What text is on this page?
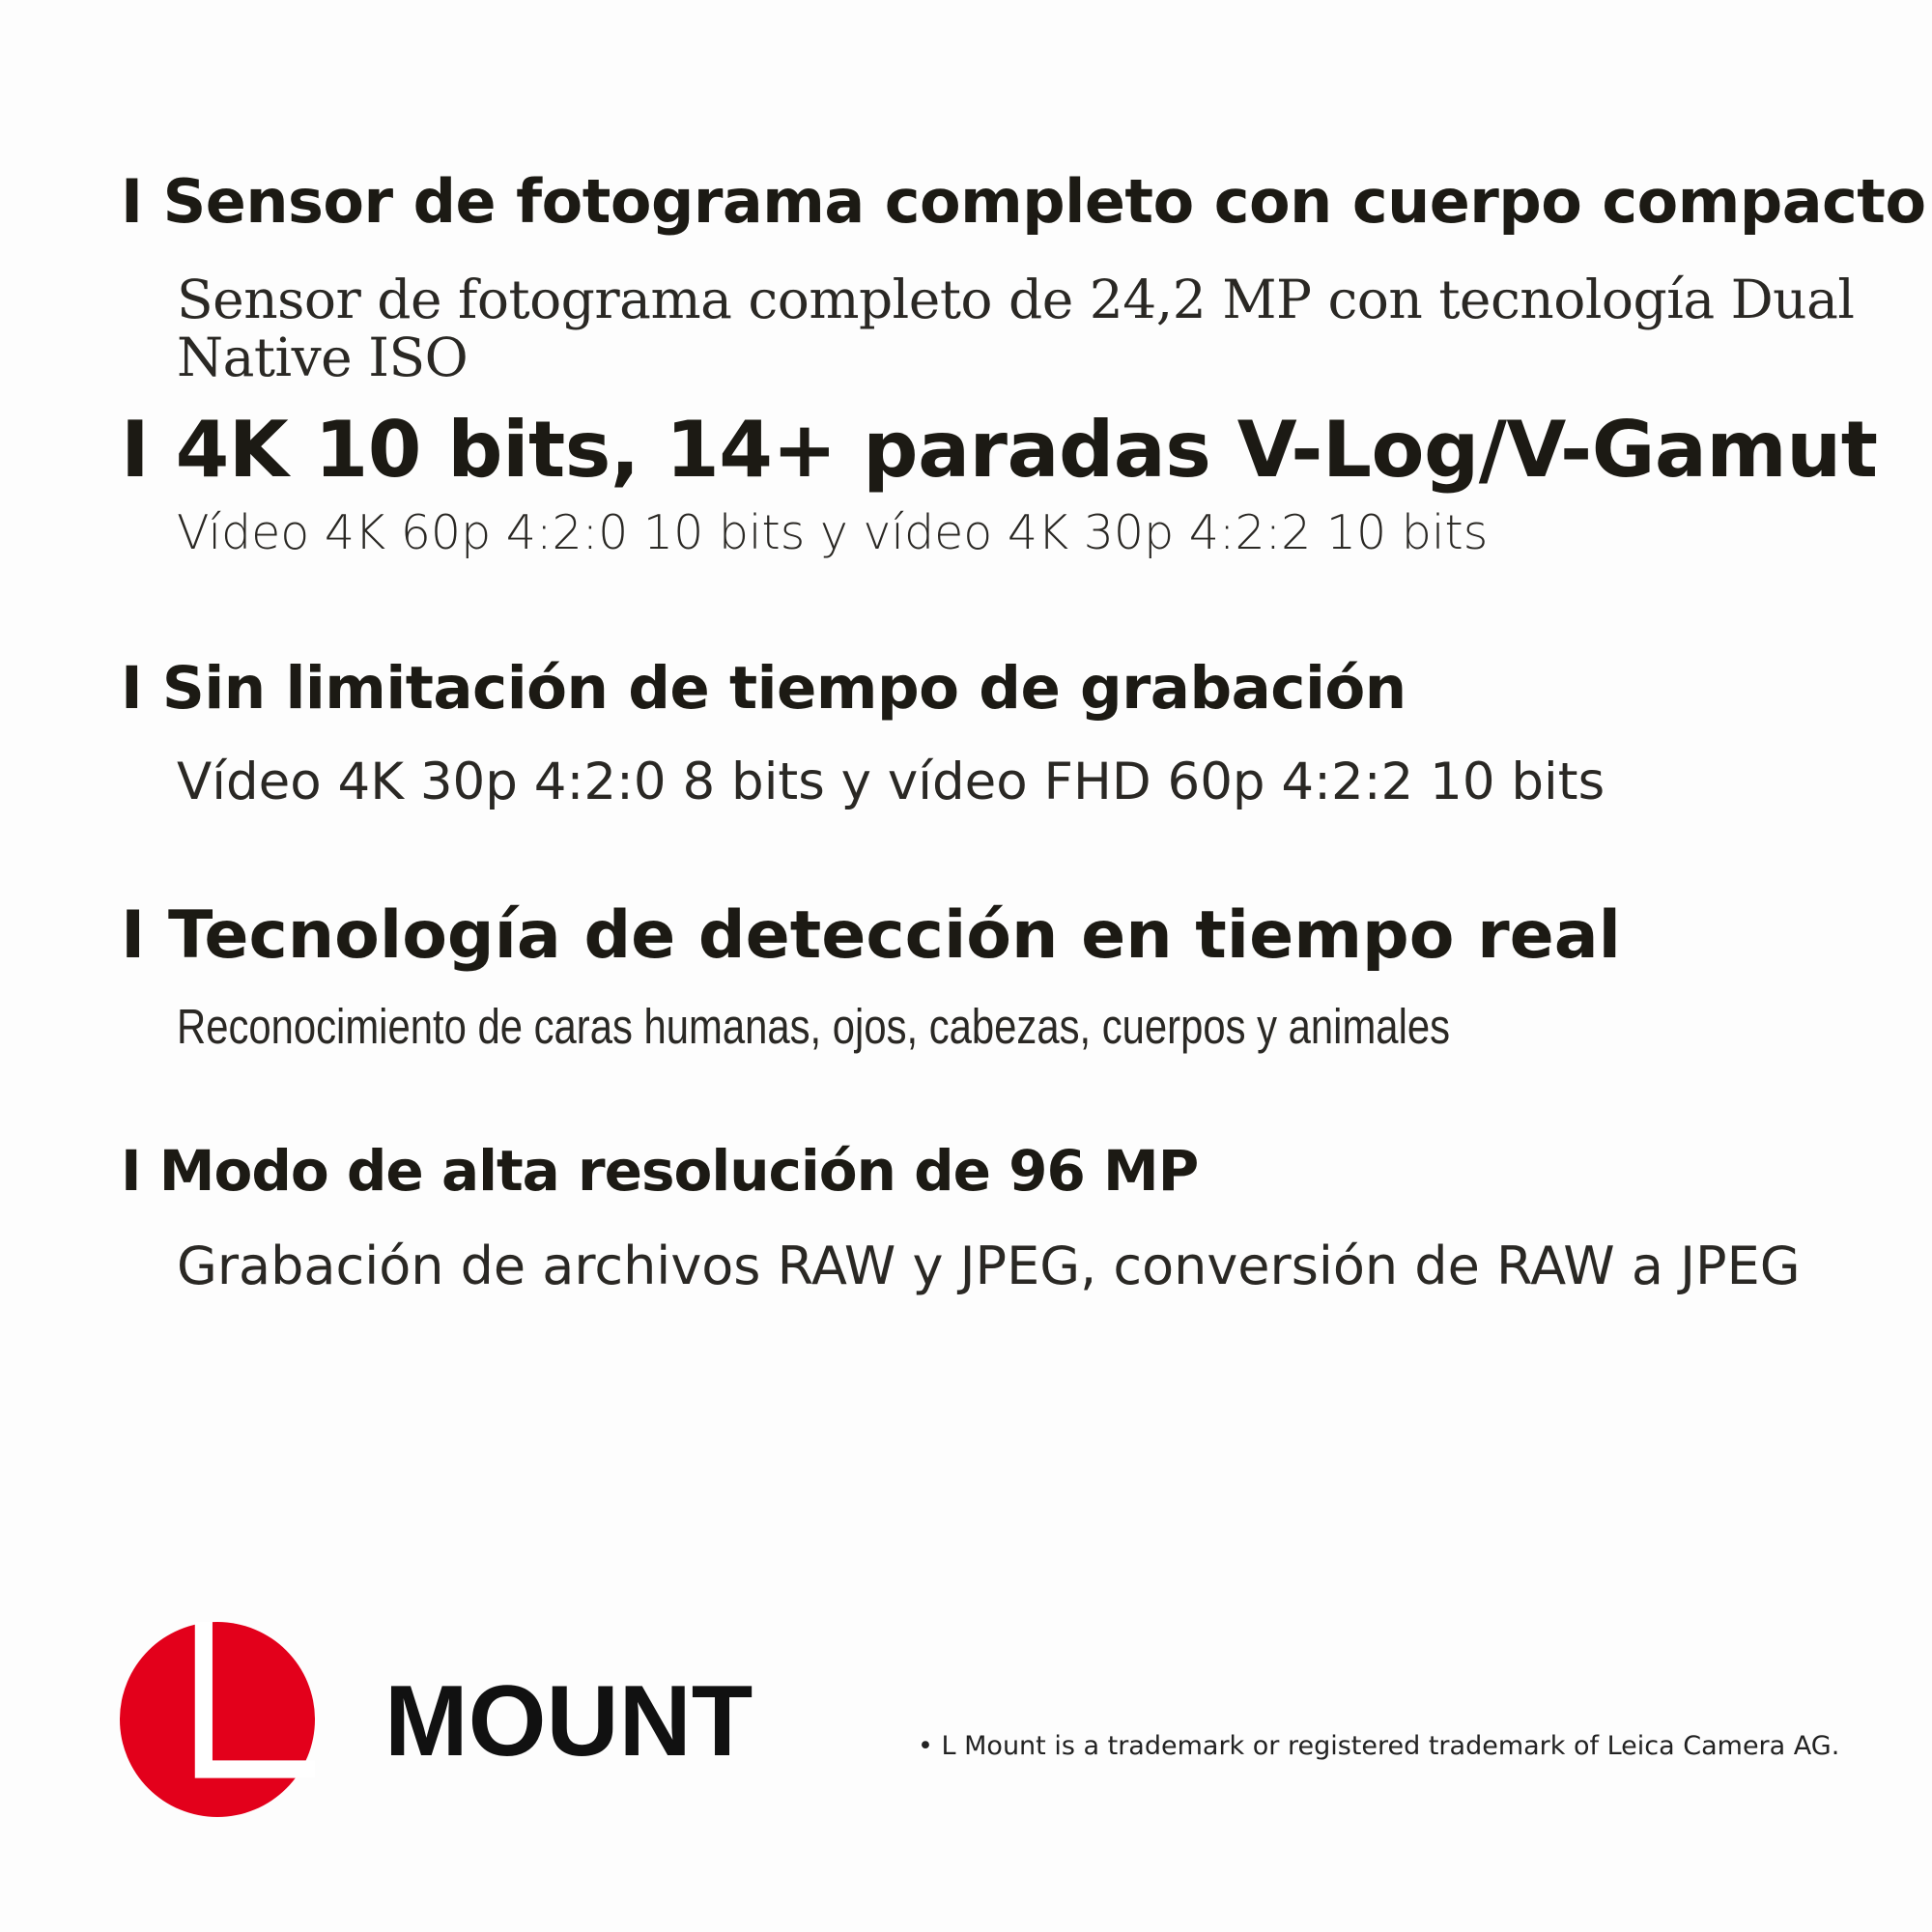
I Sensor de fotograma completo con cuerpo compacto

Sensor de fotograma completo de 24,2 MP con tecnología Dual Native ISO

I 4K 10 bits, 14+ paradas V-Log/V-Gamut

Vídeo 4K 60p 4:2:0 10 bits y vídeo 4K 30p 4:2:2 10 bits

I Sin limitación de tiempo de grabación

Vídeo 4K 30p 4:2:0 8 bits y vídeo FHD 60p 4:2:2 10 bits

I Tecnología de detección en tiempo real

Reconocimiento de caras humanas, ojos, cabezas, cuerpos y animales

I Modo de alta resolución de 96 MP

Grabación de archivos RAW y JPEG, conversión de RAW a JPEG

MOUNT	• L Mount is a trademark or registered trademark of Leica Camera AG.
